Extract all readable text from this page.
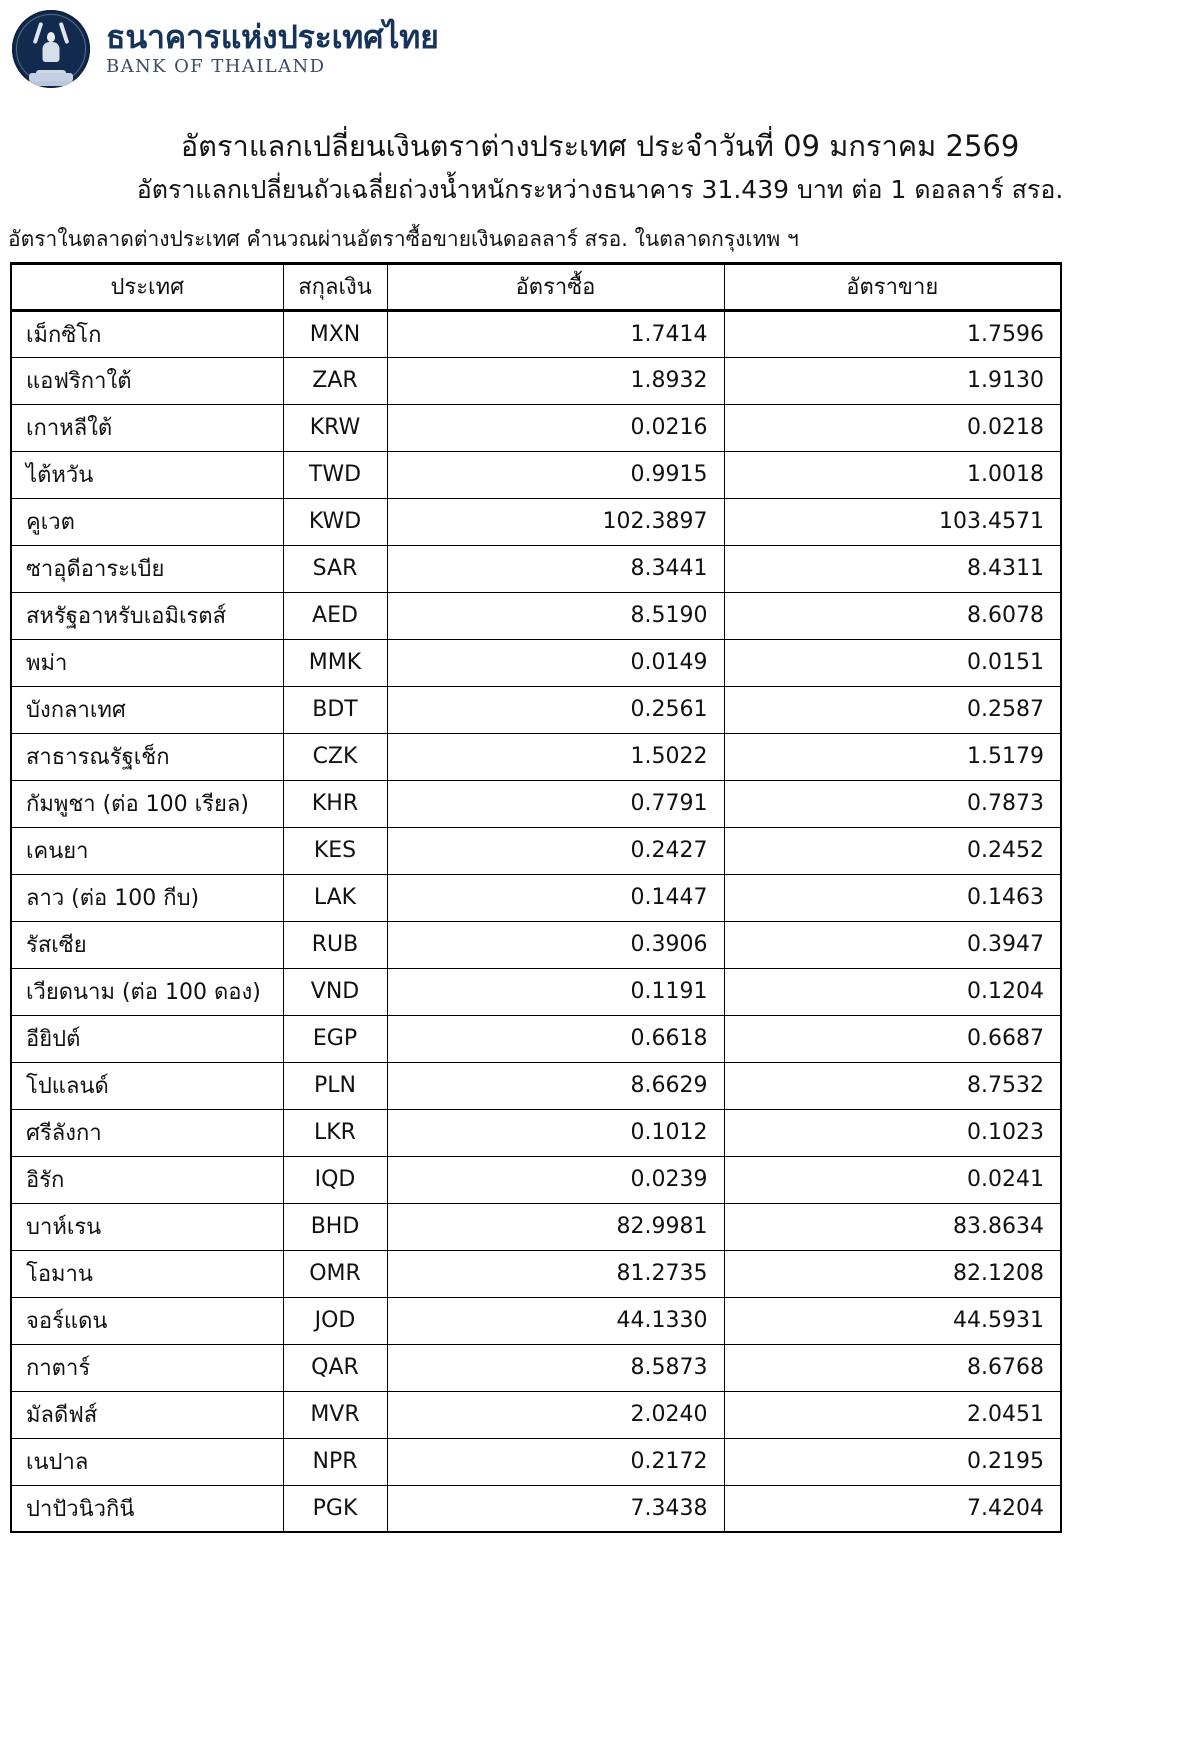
ธนาคารแห่งประเทศไทย
BANK OF THAILAND
อัตราแลกเปลี่ยนเงินตราต่างประเทศ ประจำวันที่ 09 มกราคม 2569
อัตราแลกเปลี่ยนถัวเฉลี่ยถ่วงน้ำหนักระหว่างธนาคาร 31.439 บาท ต่อ 1 ดอลลาร์ สรอ.
อัตราในตลาดต่างประเทศ คำนวณผ่านอัตราซื้อขายเงินดอลลาร์ สรอ. ในตลาดกรุงเทพ ฯ
ประเทศ	สกุลเงิน	อัตราซื้อ	อัตราขาย
เม็กซิโก	MXN	1.7414	1.7596
แอฟริกาใต้	ZAR	1.8932	1.9130
เกาหลีใต้	KRW	0.0216	0.0218
ไต้หวัน	TWD	0.9915	1.0018
คูเวต	KWD	102.3897	103.4571
ซาอุดีอาระเบีย	SAR	8.3441	8.4311
สหรัฐอาหรับเอมิเรตส์	AED	8.5190	8.6078
พม่า	MMK	0.0149	0.0151
บังกลาเทศ	BDT	0.2561	0.2587
สาธารณรัฐเช็ก	CZK	1.5022	1.5179
กัมพูชา (ต่อ 100 เรียล)	KHR	0.7791	0.7873
เคนยา	KES	0.2427	0.2452
ลาว (ต่อ 100 กีบ)	LAK	0.1447	0.1463
รัสเซีย	RUB	0.3906	0.3947
เวียดนาม (ต่อ 100 ดอง)	VND	0.1191	0.1204
อียิปต์	EGP	0.6618	0.6687
โปแลนด์	PLN	8.6629	8.7532
ศรีลังกา	LKR	0.1012	0.1023
อิรัก	IQD	0.0239	0.0241
บาห์เรน	BHD	82.9981	83.8634
โอมาน	OMR	81.2735	82.1208
จอร์แดน	JOD	44.1330	44.5931
กาตาร์	QAR	8.5873	8.6768
มัลดีฟส์	MVR	2.0240	2.0451
เนปาล	NPR	0.2172	0.2195
ปาปัวนิวกินี	PGK	7.3438	7.4204
